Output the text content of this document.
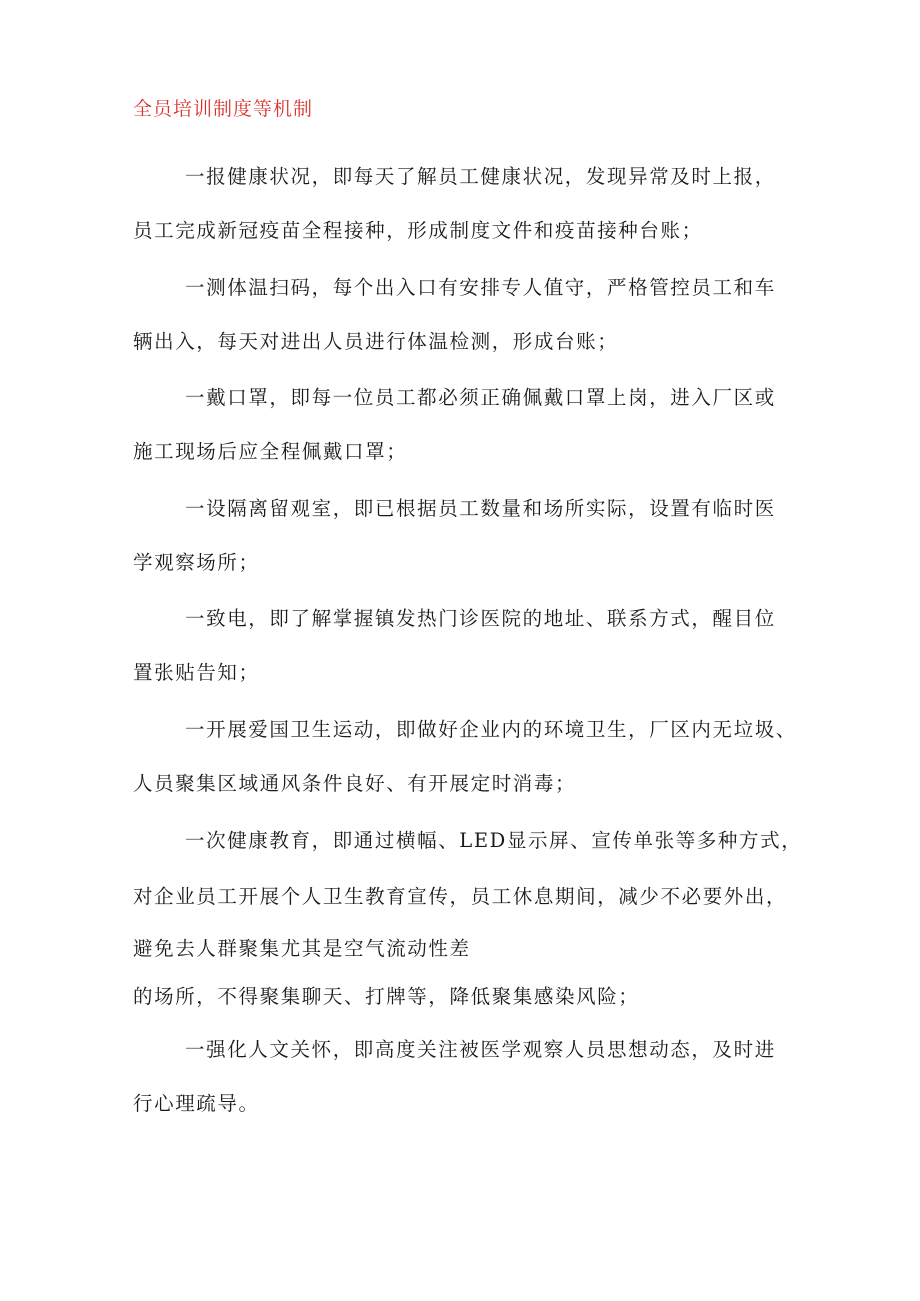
全员培训制度等机制
一报健康状况，即每天了解员工健康状况，发现异常及时上报，
员工完成新冠疫苗全程接种，形成制度文件和疫苗接种台账；
一测体温扫码，每个出入口有安排专人值守，严格管控员工和车
辆出入，每天对进出人员进行体温检测，形成台账；
一戴口罩，即每一位员工都必须正确佩戴口罩上岗，进入厂区或
施工现场后应全程佩戴口罩；
一设隔离留观室，即已根据员工数量和场所实际，设置有临时医
学观察场所；
一致电，即了解掌握镇发热门诊医院的地址、联系方式，醒目位
置张贴告知；
一开展爱国卫生运动，即做好企业内的环境卫生，厂区内无垃圾、
人员聚集区域通风条件良好、有开展定时消毒；
一次健康教育，即通过横幅、LED显示屏、宣传单张等多种方式，
对企业员工开展个人卫生教育宣传，员工休息期间，减少不必要外出，
避免去人群聚集尤其是空气流动性差
的场所，不得聚集聊天、打牌等，降低聚集感染风险；
一强化人文关怀，即高度关注被医学观察人员思想动态，及时进
行心理疏导。
